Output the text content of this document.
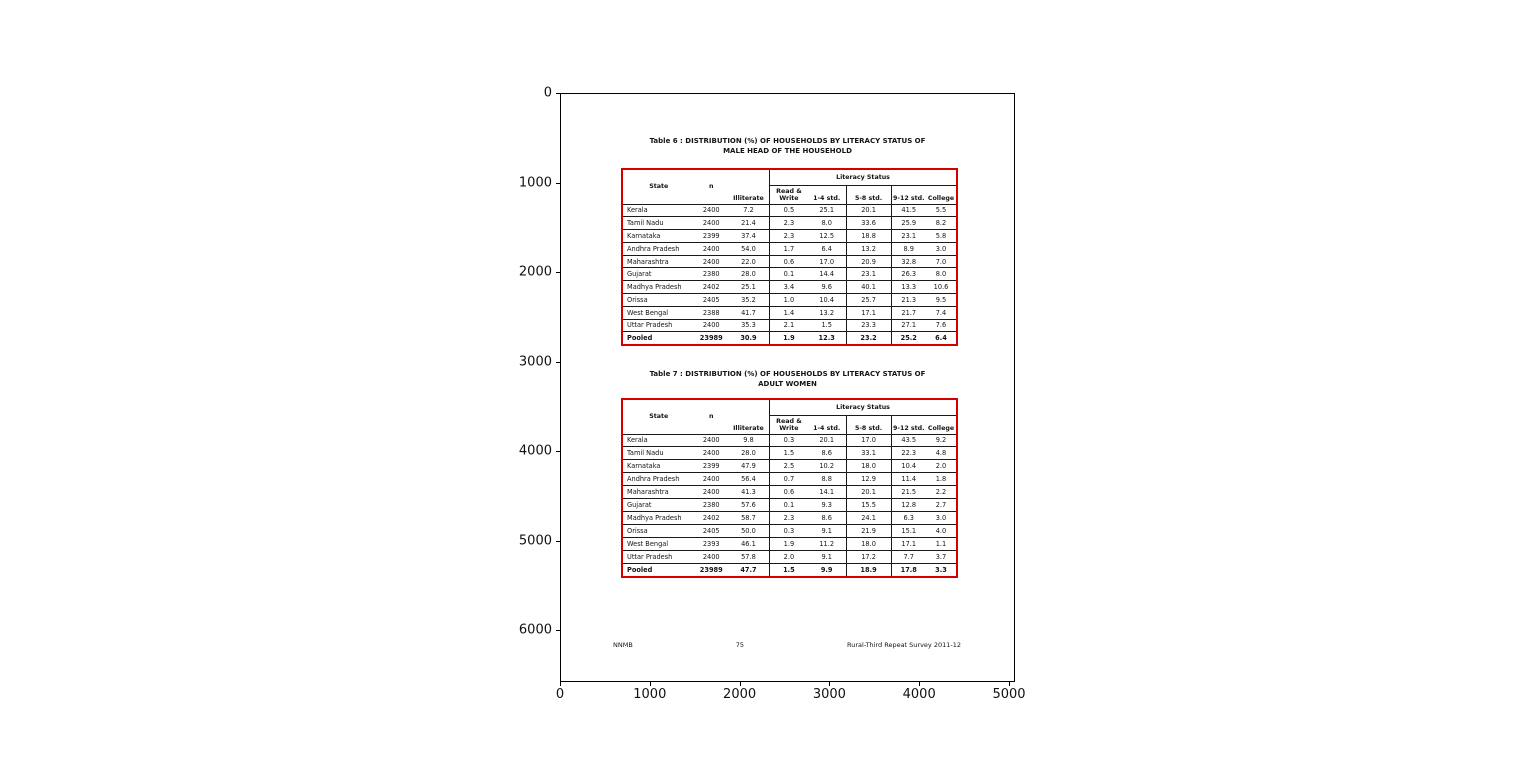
Table 6 : DISTRIBUTION (%) OF HOUSEHOLDS BY LITERACY STATUS OF
MALE HEAD OF THE HOUSEHOLD
State	n	Illiterate	Literacy Status				
			Read & Write	1-4 std.	5-8 std.	9-12 std.	College
Kerala	2400	7.2	0.5	25.1	20.1	41.5	5.5
Tamil Nadu	2400	21.4	2.3	8.0	33.6	25.9	8.2
Karnataka	2399	37.4	2.3	12.5	18.8	23.1	5.8
Andhra Pradesh	2400	54.0	1.7	6.4	13.2	8.9	3.0
Maharashtra	2400	22.0	0.6	17.0	20.9	32.8	7.0
Gujarat	2380	28.0	0.1	14.4	23.1	26.3	8.0
Madhya Pradesh	2402	25.1	3.4	9.6	40.1	13.3	10.6
Orissa	2405	35.2	1.0	10.4	25.7	21.3	9.5
West Bengal	2388	41.7	1.4	13.2	17.1	21.7	7.4
Uttar Pradesh	2400	35.3	2.1	1.5	23.3	27.1	7.6
Pooled	23989	30.9	1.9	12.3	23.2	25.2	6.4
Table 7 : DISTRIBUTION (%) OF HOUSEHOLDS BY LITERACY STATUS OF
ADULT WOMEN
State	n	Illiterate	Literacy Status				
			Read & Write	1-4 std.	5-8 std.	9-12 std.	College
Kerala	2400	9.8	0.3	20.1	17.0	43.5	9.2
Tamil Nadu	2400	28.0	1.5	8.6	33.1	22.3	4.8
Karnataka	2399	47.9	2.5	10.2	18.0	10.4	2.0
Andhra Pradesh	2400	56.4	0.7	8.8	12.9	11.4	1.8
Maharashtra	2400	41.3	0.6	14.1	20.1	21.5	2.2
Gujarat	2380	57.6	0.1	9.3	15.5	12.8	2.7
Madhya Pradesh	2402	58.7	2.3	8.6	24.1	6.3	3.0
Orissa	2405	50.0	0.3	9.1	21.9	15.1	4.0
West Bengal	2393	46.1	1.9	11.2	18.0	17.1	1.1
Uttar Pradesh	2400	57.8	2.0	9.1	17.2	7.7	3.7
Pooled	23989	47.7	1.5	9.9	18.9	17.8	3.3
NNMB	75	Rural-Third Repeat Survey 2011-12
0	1000	2000	3000	4000	5000
0
1000
2000
3000
4000
5000
6000
